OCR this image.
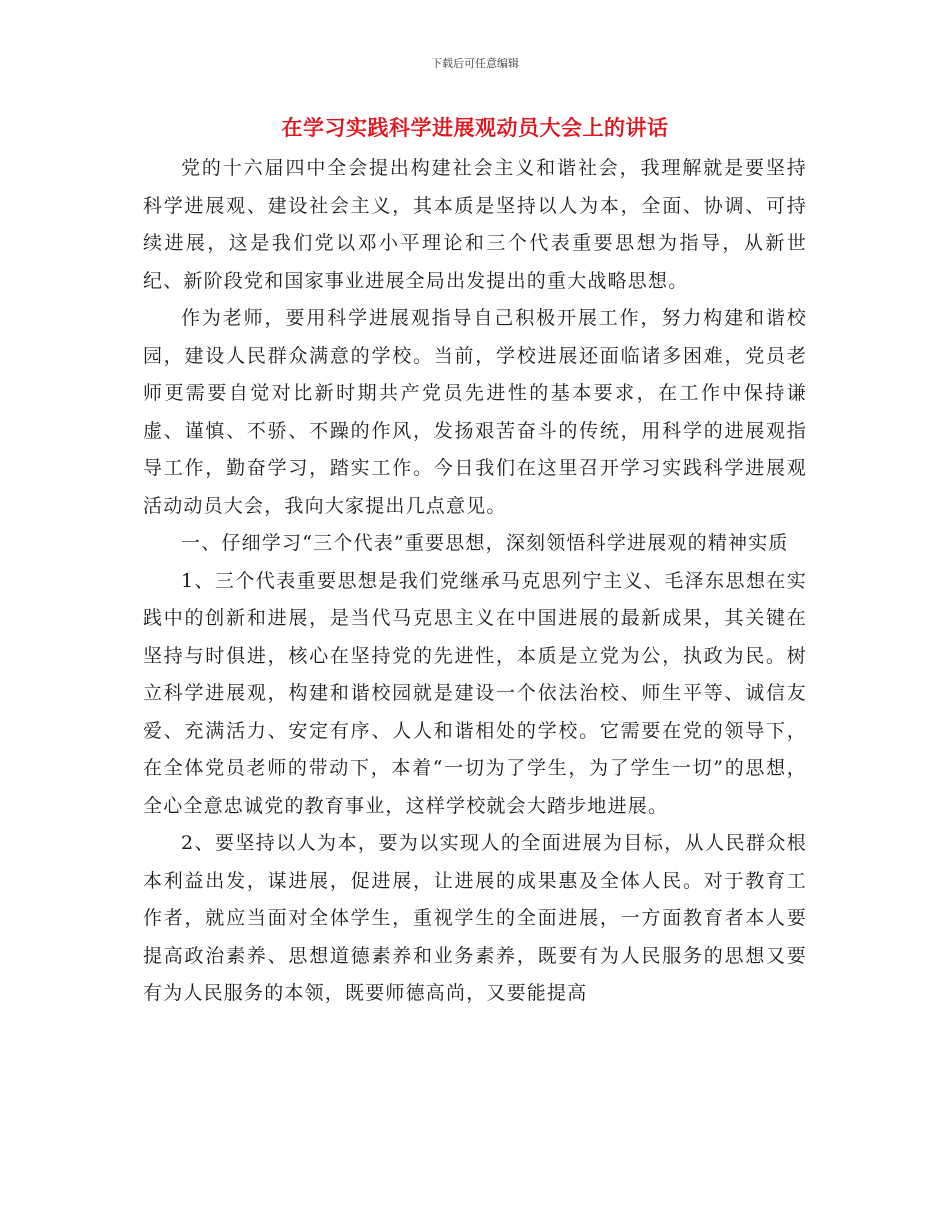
下载后可任意编辑
在学习实践科学进展观动员大会上的讲话

党的十六届四中全会提出构建社会主义和谐社会，我理解就是要坚持科学进展观、建设社会主义，其本质是坚持以人为本，全面、协调、可持续进展，这是我们党以邓小平理论和三个代表重要思想为指导，从新世纪、新阶段党和国家事业进展全局出发提出的重大战略思想。

作为老师，要用科学进展观指导自己积极开展工作，努力构建和谐校园，建设人民群众满意的学校。当前，学校进展还面临诸多困难，党员老师更需要自觉对比新时期共产党员先进性的基本要求，在工作中保持谦虚、谨慎、不骄、不躁的作风，发扬艰苦奋斗的传统，用科学的进展观指导工作，勤奋学习，踏实工作。今日我们在这里召开学习实践科学进展观活动动员大会，我向大家提出几点意见。

一、仔细学习“三个代表”重要思想，深刻领悟科学进展观的精神实质

1、三个代表重要思想是我们党继承马克思列宁主义、毛泽东思想在实践中的创新和进展，是当代马克思主义在中国进展的最新成果，其关键在坚持与时俱进，核心在坚持党的先进性，本质是立党为公，执政为民。树立科学进展观，构建和谐校园就是建设一个依法治校、师生平等、诚信友爱、充满活力、安定有序、人人和谐相处的学校。它需要在党的领导下，在全体党员老师的带动下，本着“一切为了学生，为了学生一切”的思想，全心全意忠诚党的教育事业，这样学校就会大踏步地进展。

2、要坚持以人为本，要为以实现人的全面进展为目标，从人民群众根本利益出发，谋进展，促进展，让进展的成果惠及全体人民。对于教育工作者，就应当面对全体学生，重视学生的全面进展，一方面教育者本人要提高政治素养、思想道德素养和业务素养，既要有为人民服务的思想又要有为人民服务的本领，既要师德高尚，又要能提高
